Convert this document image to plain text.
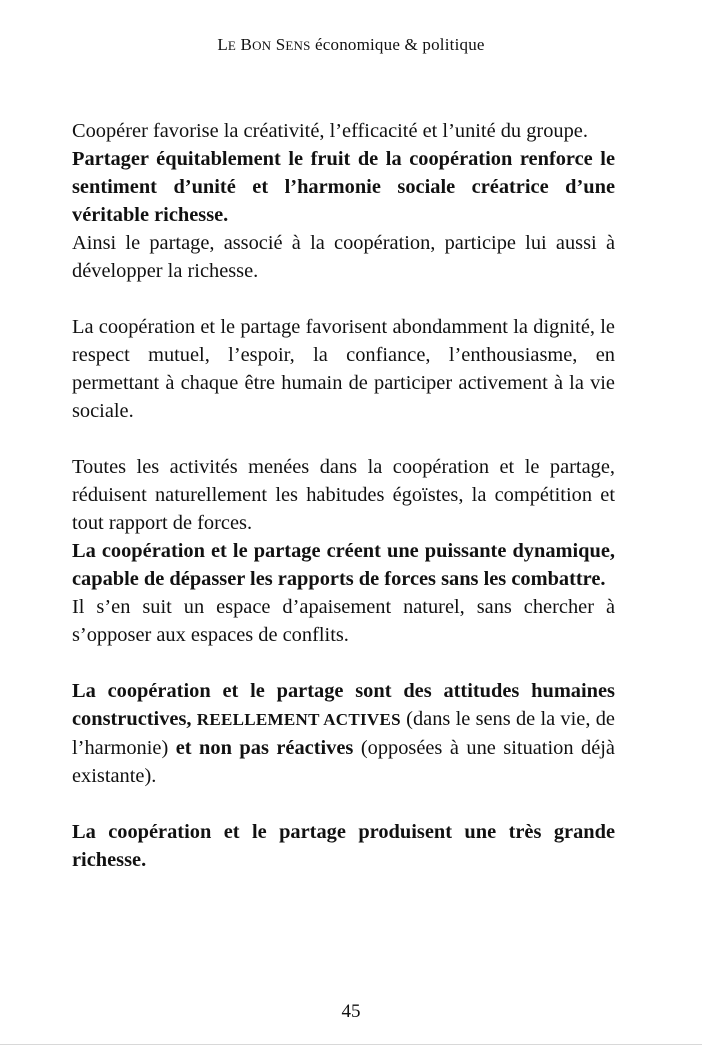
LE BON SENS économique & politique

Coopérer favorise la créativité, l’efficacité et l’unité du groupe.

Partager équitablement le fruit de la coopération renforce le sentiment d’unité et l’harmonie sociale créatrice d’une véritable richesse.

Ainsi le partage, associé à la coopération, participe lui aussi à développer la richesse.

La coopération et le partage favorisent abondamment la dignité, le respect mutuel, l’espoir, la confiance, l’enthousiasme, en permettant à chaque être humain de participer activement à la vie sociale.

Toutes les activités menées dans la coopération et le partage, réduisent naturellement les habitudes égoïstes, la compétition et tout rapport de forces.

La coopération et le partage créent une puissante dynamique, capable de dépasser les rapports de forces sans les combattre.

Il s’en suit un espace d’apaisement naturel, sans chercher à s’opposer aux espaces de conflits.

La coopération et le partage sont des attitudes humaines constructives, REELLEMENT ACTIVES (dans le sens de la vie, de l’harmonie) et non pas réactives (opposées à une situation déjà existante).

La coopération et le partage produisent une très grande richesse.

45
